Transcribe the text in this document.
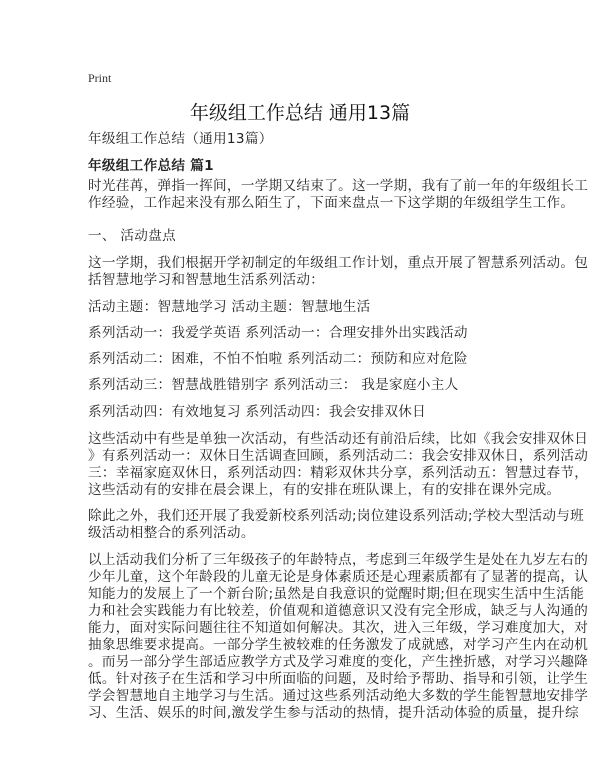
Print
年级组工作总结 通用13篇
年级组工作总结（通用13篇）
年级组工作总结 篇1
时光荏苒，弹指一挥间，一学期又结束了。这一学期，我有了前一年的年级组长工
作经验，工作起来没有那么陌生了，下面来盘点一下这学期的年级组学生工作。
一、 活动盘点
这一学期，我们根据开学初制定的年级组工作计划，重点开展了智慧系列活动。包
括智慧地学习和智慧地生活系列活动：
活动主题：智慧地学习 活动主题：智慧地生活
系列活动一：我爱学英语 系列活动一：合理安排外出实践活动
系列活动二：困难，不怕不怕啦 系列活动二：预防和应对危险
系列活动三：智慧战胜错别字 系列活动三： 我是家庭小主人
系列活动四：有效地复习 系列活动四：我会安排双休日
这些活动中有些是单独一次活动，有些活动还有前沿后续，比如《我会安排双休日
》有系列活动一：双休日生活调查回顾，系列活动二：我会安排双休日，系列活动
三：幸福家庭双休日，系列活动四：精彩双休共分享，系列活动五：智慧过春节，
这些活动有的安排在晨会课上，有的安排在班队课上，有的安排在课外完成。
除此之外，我们还开展了我爱新校系列活动;岗位建设系列活动;学校大型活动与班
级活动相整合的系列活动。
以上活动我们分析了三年级孩子的年龄特点，考虑到三年级学生是处在九岁左右的
少年儿童，这个年龄段的儿童无论是身体素质还是心理素质都有了显著的提高，认
知能力的发展上了一个新台阶;虽然是自我意识的觉醒时期;但在现实生活中生活能
力和社会实践能力有比较差，价值观和道德意识又没有完全形成，缺乏与人沟通的
能力，面对实际问题往往不知道如何解决。其次，进入三年级，学习难度加大，对
抽象思维要求提高。一部分学生被较难的任务激发了成就感，对学习产生内在动机
。而另一部分学生部适应教学方式及学习难度的变化，产生挫折感，对学习兴趣降
低。针对孩子在生活和学习中所面临的问题，及时给予帮助、指导和引领，让学生
学会智慧地自主地学习与生活。通过这些系列活动绝大多数的学生能智慧地安排学
习、生活、娱乐的时间,激发学生参与活动的热情，提升活动体验的质量，提升综
